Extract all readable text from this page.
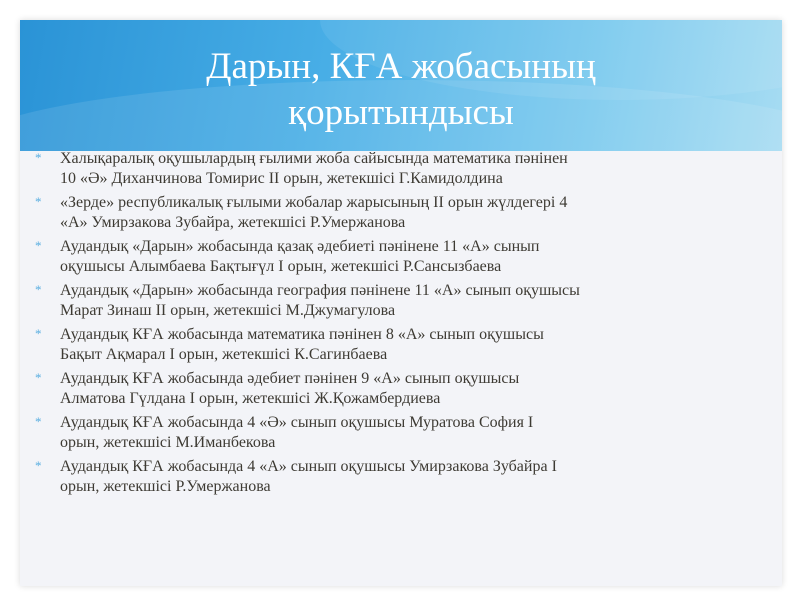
Дарын, КҒА жобасының
қорытындысы
* Халықаралық оқушылардың ғылими жоба сайысында математика пәнінен
10 «Ә» Диханчинова Томирис II орын, жетекшісі Г.Камидолдина
* «Зерде» республикалық ғылыми жобалар жарысының II орын жүлдегері 4
«А» Умирзакова Зубайра, жетекшісі Р.Умержанова
* Аудандық «Дарын» жобасында қазақ әдебиеті пәнінене 11 «А» сынып
оқушысы Алымбаева Бақтығүл I орын, жетекшісі Р.Сансызбаева
* Аудандық «Дарын» жобасында география пәнінене 11 «А» сынып оқушысы
Марат Зинаш II орын, жетекшісі М.Джумагулова
* Аудандық КҒА жобасында математика пәнінен 8 «А» сынып оқушысы
Бақыт Ақмарал I орын, жетекшісі К.Сагинбаева
* Аудандық КҒА жобасында әдебиет пәнінен 9 «А» сынып оқушысы
Алматова Гүлдана I орын, жетекшісі Ж.Қожамбердиева
* Аудандық КҒА жобасында 4 «Ә» сынып оқушысы Муратова София I
орын, жетекшісі М.Иманбекова
* Аудандық КҒА жобасында 4 «А» сынып оқушысы Умирзакова Зубайра I
орын, жетекшісі Р.Умержанова
